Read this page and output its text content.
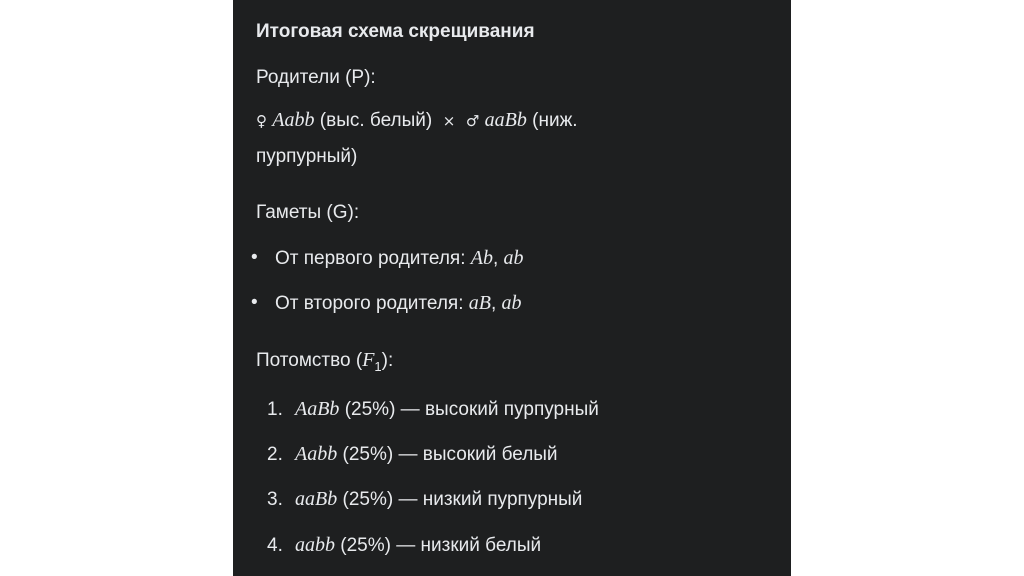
Итоговая схема скрещивания
Родители (P):
♀ Aabb (выс. белый) × ♂ aaBb (ниж.
пурпурный)
Гаметы (G):
• От первого родителя: Ab, ab
• От второго родителя: aB, ab
Потомство $(F_1)$:
1. AaBb (25%) — высокий пурпурный
2. Aabb (25%) — высокий белый
3. aaBb (25%) — низкий пурпурный
4. aabb (25%) — низкий белый
